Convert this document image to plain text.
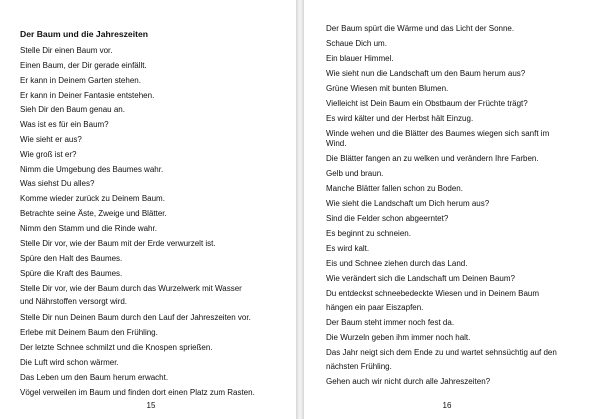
Der Baum und die Jahreszeiten
Stelle Dir einen Baum vor.
Einen Baum, der Dir gerade einfällt.
Er kann in Deinem Garten stehen.
Er kann in Deiner Fantasie entstehen.
Sieh Dir den Baum genau an.
Was ist es für ein Baum?
Wie sieht er aus?
Wie groß ist er?
Nimm die Umgebung des Baumes wahr.
Was siehst Du alles?
Komme wieder zurück zu Deinem Baum.
Betrachte seine Äste, Zweige und Blätter.
Nimm den Stamm und die Rinde wahr.
Stelle Dir vor, wie der Baum mit der Erde verwurzelt ist.
Spüre den Halt des Baumes.
Spüre die Kraft des Baumes.
Stelle Dir vor, wie der Baum durch das Wurzelwerk mit Wasser
und Nährstoffen versorgt wird.
Stelle Dir nun Deinen Baum durch den Lauf der Jahreszeiten vor.
Erlebe mit Deinem Baum den Frühling.
Der letzte Schnee schmilzt und die Knospen sprießen.
Die Luft wird schon wärmer.
Das Leben um den Baum herum erwacht.
Vögel verweilen im Baum und finden dort einen Platz zum Rasten.
15
Der Baum spürt die Wärme und das Licht der Sonne.
Schaue Dich um.
Ein blauer Himmel.
Wie sieht nun die Landschaft um den Baum herum aus?
Grüne Wiesen mit bunten Blumen.
Vielleicht ist Dein Baum ein Obstbaum der Früchte trägt?
Es wird kälter und der Herbst hält Einzug.
Winde wehen und die Blätter des Baumes wiegen sich sanft im
Wind.
Die Blätter fangen an zu welken und verändern Ihre Farben.
Gelb und braun.
Manche Blätter fallen schon zu Boden.
Wie sieht die Landschaft um Dich herum aus?
Sind die Felder schon abgeerntet?
Es beginnt zu schneien.
Es wird kalt.
Eis und Schnee ziehen durch das Land.
Wie verändert sich die Landschaft um Deinen Baum?
Du entdeckst schneebedeckte Wiesen und in Deinem Baum
hängen ein paar Eiszapfen.
Der Baum steht immer noch fest da.
Die Wurzeln geben ihm immer noch halt.
Das Jahr neigt sich dem Ende zu und wartet sehnsüchtig auf den
nächsten Frühling.
Gehen auch wir nicht durch alle Jahreszeiten?
16
